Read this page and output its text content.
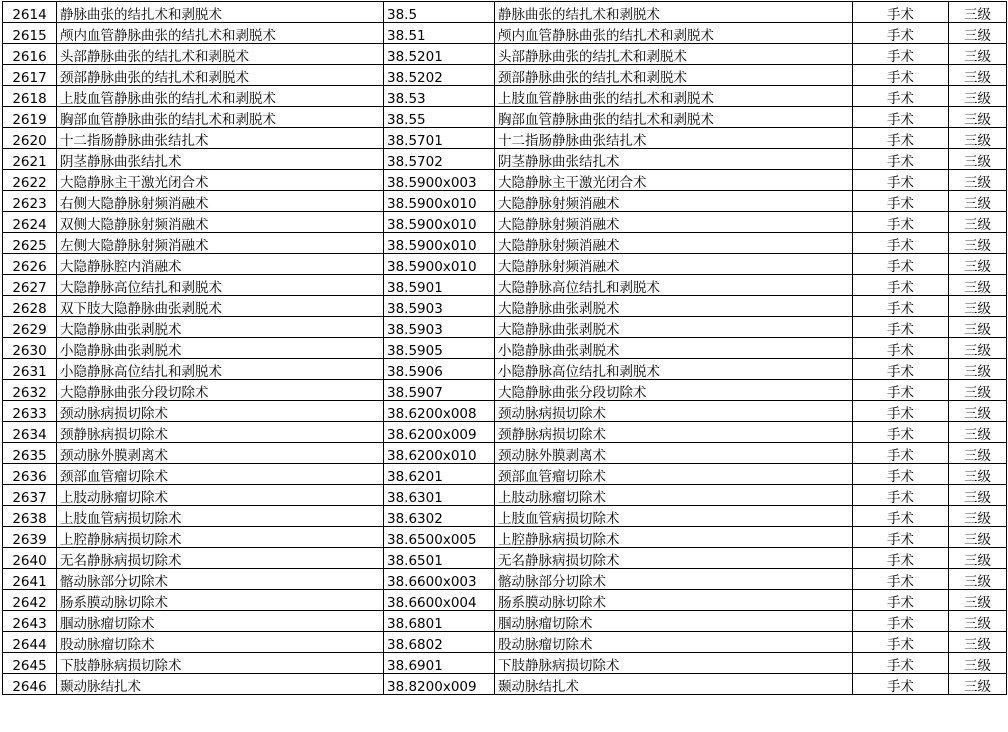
2614	静脉曲张的结扎术和剥脱术	38.5	静脉曲张的结扎术和剥脱术	手术	三级
2615	颅内血管静脉曲张的结扎术和剥脱术	38.51	颅内血管静脉曲张的结扎术和剥脱术	手术	三级
2616	头部静脉曲张的结扎术和剥脱术	38.5201	头部静脉曲张的结扎术和剥脱术	手术	三级
2617	颈部静脉曲张的结扎术和剥脱术	38.5202	颈部静脉曲张的结扎术和剥脱术	手术	三级
2618	上肢血管静脉曲张的结扎术和剥脱术	38.53	上肢血管静脉曲张的结扎术和剥脱术	手术	三级
2619	胸部血管静脉曲张的结扎术和剥脱术	38.55	胸部血管静脉曲张的结扎术和剥脱术	手术	三级
2620	十二指肠静脉曲张结扎术	38.5701	十二指肠静脉曲张结扎术	手术	三级
2621	阴茎静脉曲张结扎术	38.5702	阴茎静脉曲张结扎术	手术	三级
2622	大隐静脉主干激光闭合术	38.5900x003	大隐静脉主干激光闭合术	手术	三级
2623	右侧大隐静脉射频消融术	38.5900x010	大隐静脉射频消融术	手术	三级
2624	双侧大隐静脉射频消融术	38.5900x010	大隐静脉射频消融术	手术	三级
2625	左侧大隐静脉射频消融术	38.5900x010	大隐静脉射频消融术	手术	三级
2626	大隐静脉腔内消融术	38.5900x010	大隐静脉射频消融术	手术	三级
2627	大隐静脉高位结扎和剥脱术	38.5901	大隐静脉高位结扎和剥脱术	手术	三级
2628	双下肢大隐静脉曲张剥脱术	38.5903	大隐静脉曲张剥脱术	手术	三级
2629	大隐静脉曲张剥脱术	38.5903	大隐静脉曲张剥脱术	手术	三级
2630	小隐静脉曲张剥脱术	38.5905	小隐静脉曲张剥脱术	手术	三级
2631	小隐静脉高位结扎和剥脱术	38.5906	小隐静脉高位结扎和剥脱术	手术	三级
2632	大隐静脉曲张分段切除术	38.5907	大隐静脉曲张分段切除术	手术	三级
2633	颈动脉病损切除术	38.6200x008	颈动脉病损切除术	手术	三级
2634	颈静脉病损切除术	38.6200x009	颈静脉病损切除术	手术	三级
2635	颈动脉外膜剥离术	38.6200x010	颈动脉外膜剥离术	手术	三级
2636	颈部血管瘤切除术	38.6201	颈部血管瘤切除术	手术	三级
2637	上肢动脉瘤切除术	38.6301	上肢动脉瘤切除术	手术	三级
2638	上肢血管病损切除术	38.6302	上肢血管病损切除术	手术	三级
2639	上腔静脉病损切除术	38.6500x005	上腔静脉病损切除术	手术	三级
2640	无名静脉病损切除术	38.6501	无名静脉病损切除术	手术	三级
2641	髂动脉部分切除术	38.6600x003	髂动脉部分切除术	手术	三级
2642	肠系膜动脉切除术	38.6600x004	肠系膜动脉切除术	手术	三级
2643	腘动脉瘤切除术	38.6801	腘动脉瘤切除术	手术	三级
2644	股动脉瘤切除术	38.6802	股动脉瘤切除术	手术	三级
2645	下肢静脉病损切除术	38.6901	下肢静脉病损切除术	手术	三级
2646	颞动脉结扎术	38.8200x009	颞动脉结扎术	手术	三级
